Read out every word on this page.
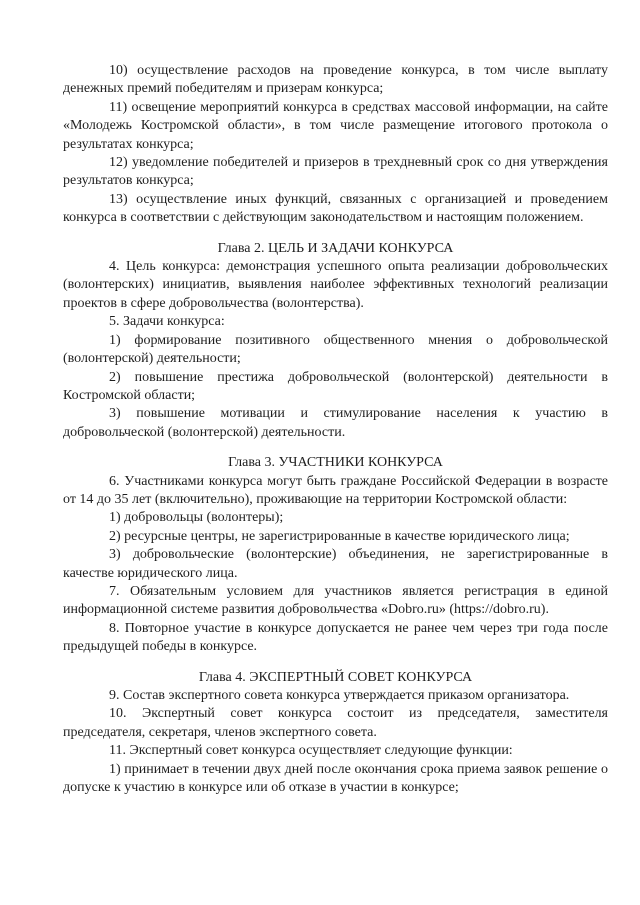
10) осуществление расходов на проведение конкурса, в том числе выплату денежных премий победителям и призерам конкурса;

11) освещение мероприятий конкурса в средствах массовой информации, на сайте «Молодежь Костромской области», в том числе размещение итогового протокола о результатах конкурса;

12) уведомление победителей и призеров в трехдневный срок со дня утверждения результатов конкурса;

13) осуществление иных функций, связанных с организацией и проведением конкурса в соответствии с действующим законодательством и настоящим положением.

Глава 2. ЦЕЛЬ И ЗАДАЧИ КОНКУРСА

4. Цель конкурса: демонстрация успешного опыта реализации добровольческих (волонтерских) инициатив, выявления наиболее эффективных технологий реализации проектов в сфере добровольчества (волонтерства).

5. Задачи конкурса:

1) формирование позитивного общественного мнения о добровольческой (волонтерской) деятельности;

2) повышение престижа добровольческой (волонтерской) деятельности в Костромской области;

3) повышение мотивации и стимулирование населения к участию в добровольческой (волонтерской) деятельности.

Глава 3. УЧАСТНИКИ КОНКУРСА

6. Участниками конкурса могут быть граждане Российской Федерации в возрасте от 14 до 35 лет (включительно), проживающие на территории Костромской области:

1) добровольцы (волонтеры);

2) ресурсные центры, не зарегистрированные в качестве юридического лица;

3) добровольческие (волонтерские) объединения, не зарегистрированные в качестве юридического лица.

7. Обязательным условием для участников является регистрация в единой информационной системе развития добровольчества «Dobro.ru» (https://dobro.ru).

8. Повторное участие в конкурсе допускается не ранее чем через три года после предыдущей победы в конкурсе.

Глава 4. ЭКСПЕРТНЫЙ СОВЕТ КОНКУРСА

9. Состав экспертного совета конкурса утверждается приказом организатора.

10. Экспертный совет конкурса состоит из председателя, заместителя председателя, секретаря, членов экспертного совета.

11. Экспертный совет конкурса осуществляет следующие функции:

1) принимает в течении двух дней после окончания срока приема заявок решение о допуске к участию в конкурсе или об отказе в участии в конкурсе;
